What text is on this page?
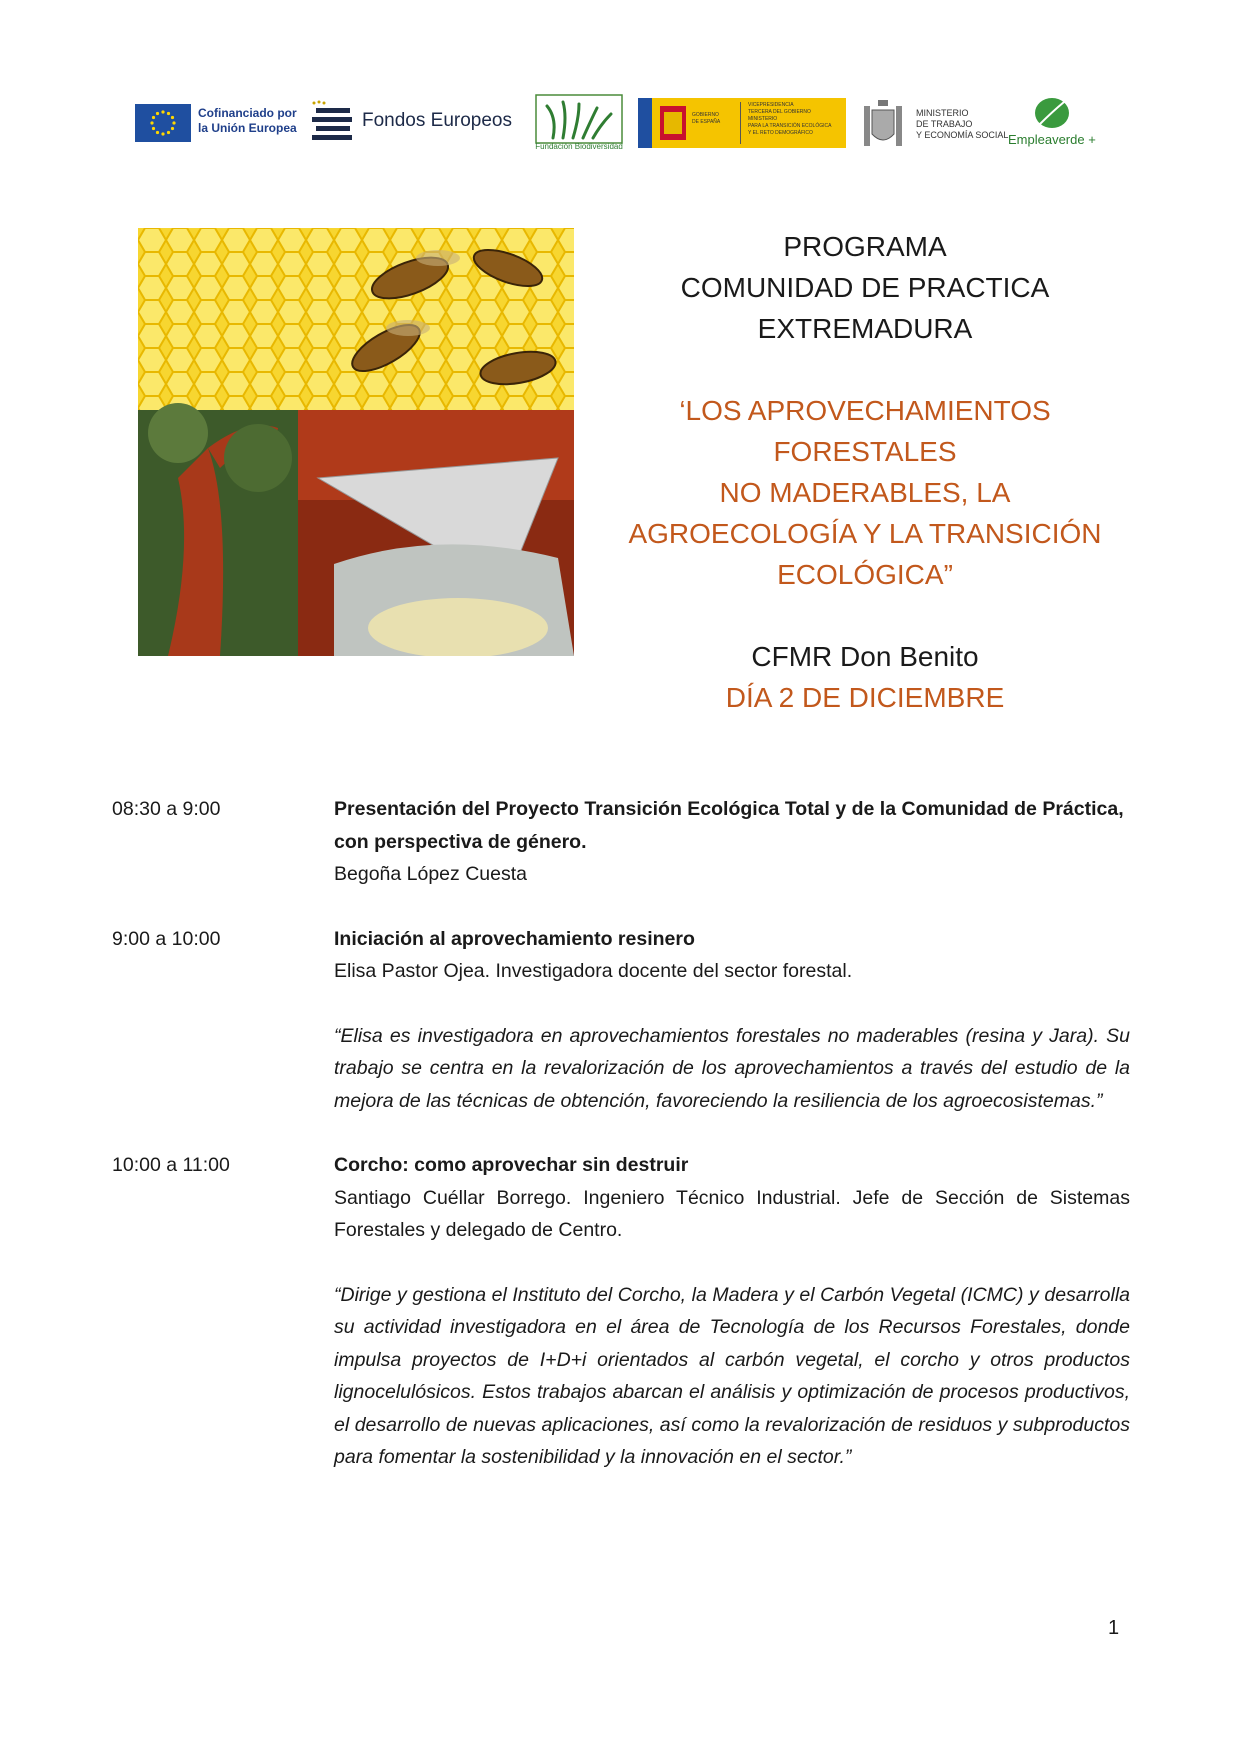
Cofinanciado por
la Unión Europea	Fondos Europeos
Fundación Biodiversidad
GOBIERNO
DE ESPAÑA
VICEPRESIDENCIA
TERCERA DEL GOBIERNO
MINISTERIO
PARA LA TRANSICIÓN ECOLÓGICA
Y EL RETO DEMOGRÁFICO
MINISTERIO
DE TRABAJO
Y ECONOMÍA SOCIAL Empleaverde +
PROGRAMA
COMUNIDAD DE PRACTICA
EXTREMADURA
‘LOS APROVECHAMIENTOS FORESTALES
NO MADERABLES, LA
AGROECOLOGÍA Y LA TRANSICIÓN
ECOLÓGICA”
CFMR Don Benito
DÍA 2 DE DICIEMBRE
08:30 a 9:00	Presentación del Proyecto Transición Ecológica Total y de la Comunidad de Práctica, con perspectiva de género.
Begoña López Cuesta
9:00 a 10:00	Iniciación al aprovechamiento resinero
Elisa Pastor Ojea. Investigadora docente del sector forestal.
“Elisa es investigadora en aprovechamientos forestales no maderables (resina y Jara). Su trabajo se centra en la revalorización de los aprovechamientos a través del estudio de la mejora de las técnicas de obtención, favoreciendo la resiliencia de los agroecosistemas.”
10:00 a 11:00	Corcho: como aprovechar sin destruir
Santiago Cuéllar Borrego. Ingeniero Técnico Industrial. Jefe de Sección de Sistemas Forestales y delegado de Centro.
“Dirige y gestiona el Instituto del Corcho, la Madera y el Carbón Vegetal (ICMC) y desarrolla su actividad investigadora en el área de Tecnología de los Recursos Forestales, donde impulsa proyectos de I+D+i orientados al carbón vegetal, el corcho y otros productos lignocelulósicos. Estos trabajos abarcan el análisis y optimización de procesos productivos, el desarrollo de nuevas aplicaciones, así como la revalorización de residuos y subproductos para fomentar la sostenibilidad y la innovación en el sector.”
1
